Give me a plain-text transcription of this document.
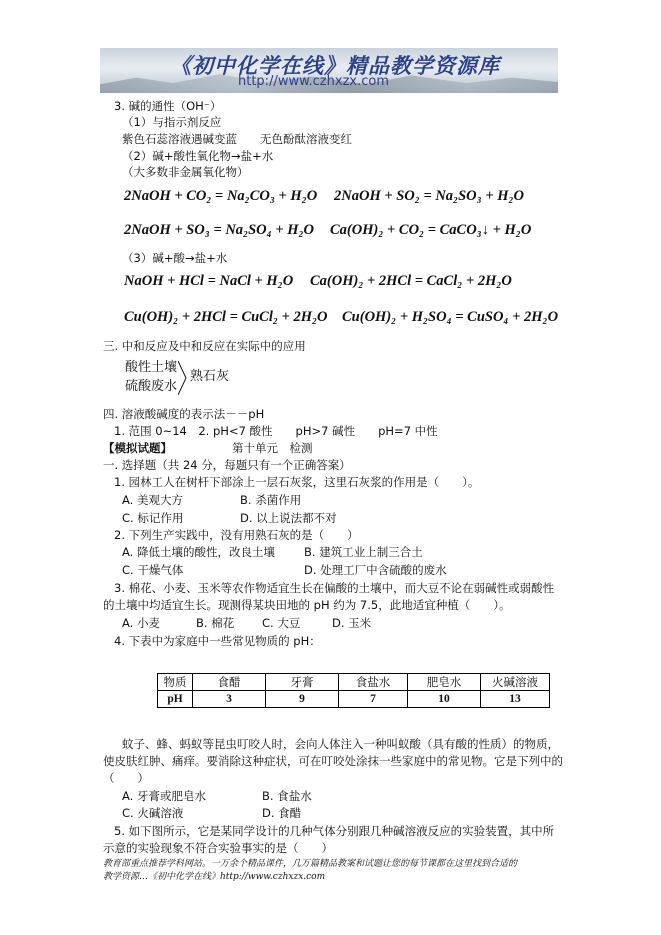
《初中化学在线》精品教学资源库
http://www.czhxzx.com
3. 碱的通性（OH⁻）
（1）与指示剂反应
紫色石蕊溶液遇碱变蓝　　无色酚酞溶液变红
（2）碱+酸性氧化物→盐+水
（大多数非金属氧化物）
2NaOH + CO₂ = Na₂CO₃ + H₂O 2NaOH + SO₂ = Na₂SO₃ + H₂O
2NaOH + SO₃ = Na₂SO₄ + H₂O Ca(OH)₂ + CO₂ = CaCO₃↓ + H₂O
（3）碱+酸→盐+水
NaOH + HCl = NaCl + H₂O Ca(OH)₂ + 2HCl = CaCl₂ + 2H₂O
Cu(OH)₂ + 2HCl = CuCl₂ + 2H₂O Cu(OH)₂ + H₂SO₄ = CuSO₄ + 2H₂O
三. 中和反应及中和反应在实际中的应用
酸性土壤
硫酸废水
熟石灰
四. 溶液酸碱度的表示法－－pH
1. 范围 0~14　2. pH<7 酸性　　pH>7 碱性　　pH=7 中性
【模拟试题】	第十单元　检测
一. 选择题（共 24 分，每题只有一个正确答案）
1. 园林工人在树杆下部涂上一层石灰浆，这里石灰浆的作用是（　　）。
A. 美观大方	B. 杀菌作用
C. 标记作用	D. 以上说法都不对
2. 下列生产实践中，没有用熟石灰的是（　　）
A. 降低土壤的酸性，改良土壤	B. 建筑工业上制三合土
C. 干燥气体	D. 处理工厂中含硫酸的废水
3. 棉花、小麦、玉米等农作物适宜生长在偏酸的土壤中，而大豆不论在弱碱性或弱酸性
的土壤中均适宜生长。现测得某块田地的 pH 约为 7.5，此地适宜种植（　　）。
A. 小麦	B. 棉花 C. 大豆	D. 玉米
4. 下表中为家庭中一些常见物质的 pH：
物质	食醋	牙膏	食盐水	肥皂水	火碱溶液
pH	3	9	7	10	13
蚊子、蜂、蚂蚁等昆虫叮咬人时，会向人体注入一种叫蚁酸（具有酸的性质）的物质，
使皮肤红肿、痛痒。要消除这种症状，可在叮咬处涂抹一些家庭中的常见物。它是下列中的
（　　）
A. 牙膏或肥皂水	B. 食盐水
C. 火碱溶液	D. 食醋
5. 如下图所示，它是某同学设计的几种气体分别跟几种碱溶液反应的实验装置，其中所
示意的实验现象不符合实验事实的是（　　）
教育部重点推荐学科网站。一万余个精品课件，几万篇精品教案和试题让您的每节课都在这里找到合适的
教学资源…《初中化学在线》http://www.czhxzx.com
